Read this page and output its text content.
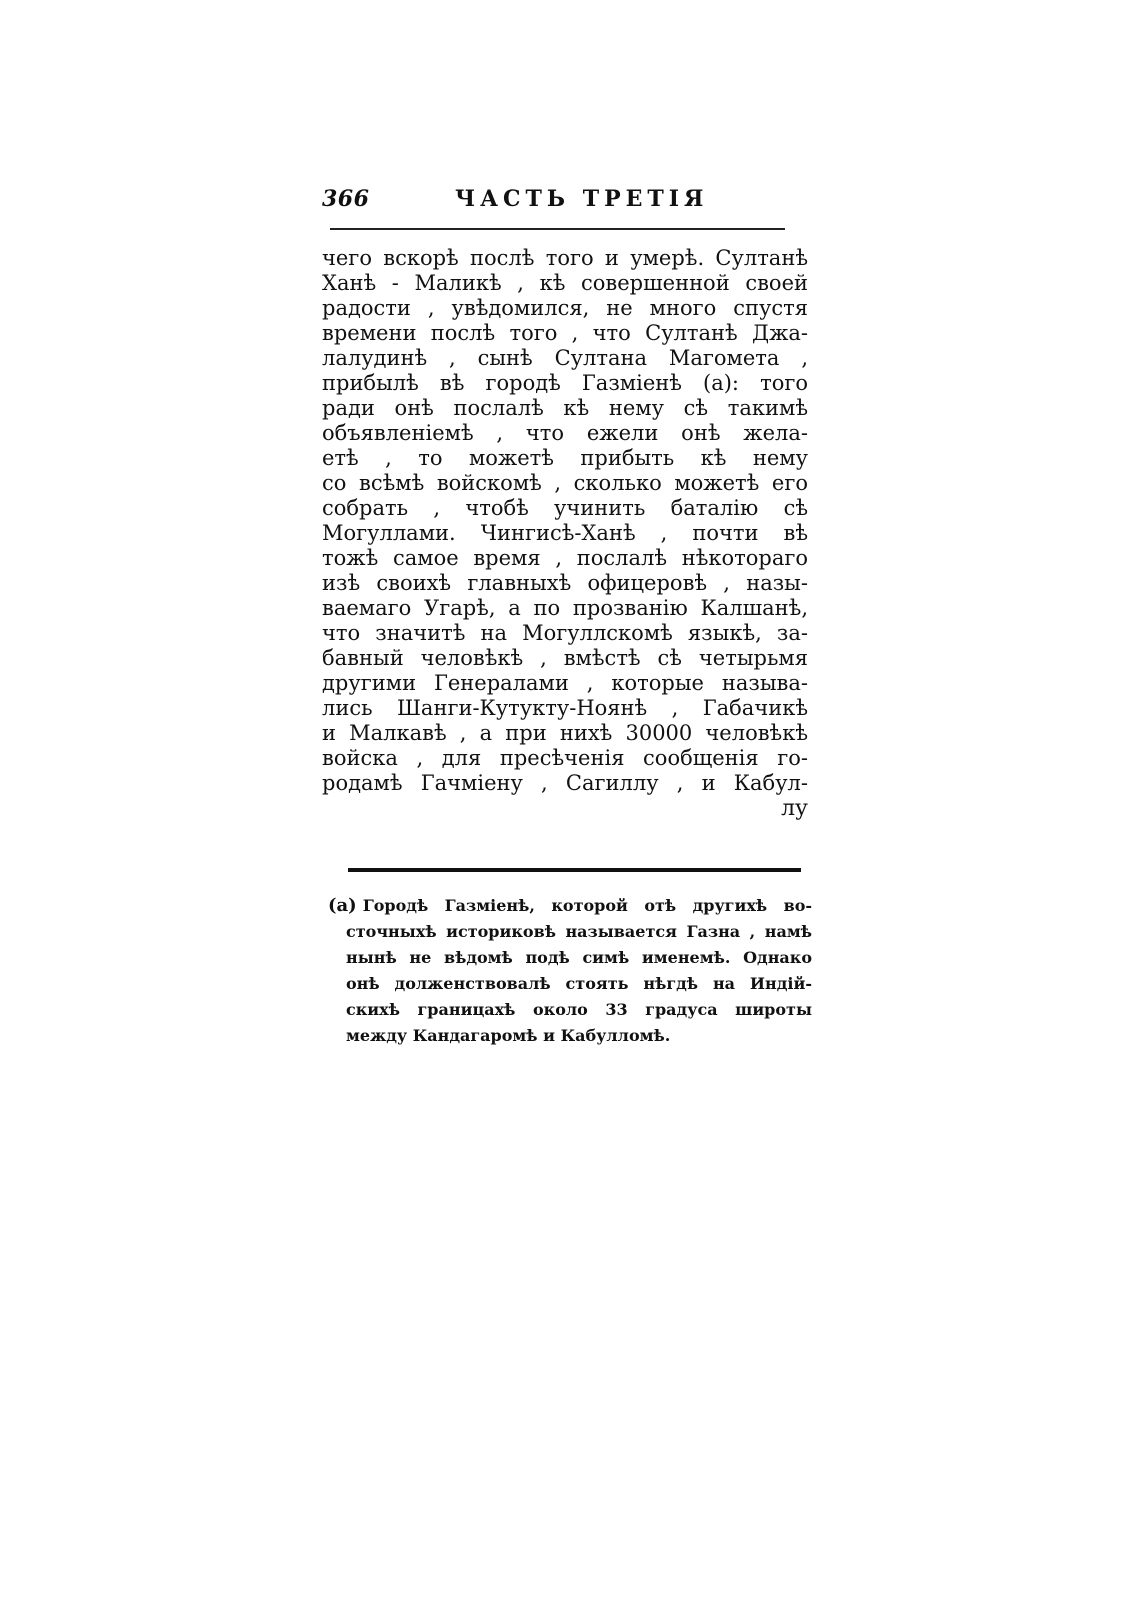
366	ЧАСТЬ ТРЕТІЯ
чего вскорѣ послѣ того и умерѣ. Султанѣ
Ханѣ - Маликѣ , кѣ совершенной своей
радости , увѣдомился, не много спустя
времени послѣ того , что Султанѣ Джа-
лалудинѣ , сынѣ Султана Магомета ,
прибылѣ вѣ городѣ Газміенѣ (a): того
ради онѣ послалѣ кѣ нему сѣ такимѣ
объявленіемѣ , что ежели онѣ жела-
етѣ , то можетѣ прибыть кѣ нему
со всѣмѣ войскомѣ , сколько можетѣ его
собрать , чтобѣ учинить баталію сѣ
Могуллами. Чингисѣ-Ханѣ , почти вѣ
тожѣ самое время , послалѣ нѣкотораго
изѣ своихѣ главныхѣ офицеровѣ , назы-
ваемаго Угарѣ, а по прозванію Калшанѣ,
что значитѣ на Могуллскомѣ языкѣ, за-
бавный человѣкѣ , вмѣстѣ сѣ четырьмя
другими Генералами , которые называ-
лись Шанги-Кутукту-Ноянѣ , Габачикѣ
и Малкавѣ , а при нихѣ 30000 человѣкѣ
войска , для пресѣченія сообщенія го-
родамѣ Гачміену , Сагиллу , и Кабул-
лу
(a) Городѣ Газміенѣ, которой отѣ другихѣ во-
сточныхѣ историковѣ называется Газна , намѣ
нынѣ не вѣдомѣ подѣ симѣ именемѣ. Однако
онѣ долженствовалѣ стоять нѣгдѣ на Индій-
скихѣ границахѣ около 33 градуса широты
между Кандагаромѣ и Кабулломѣ.
